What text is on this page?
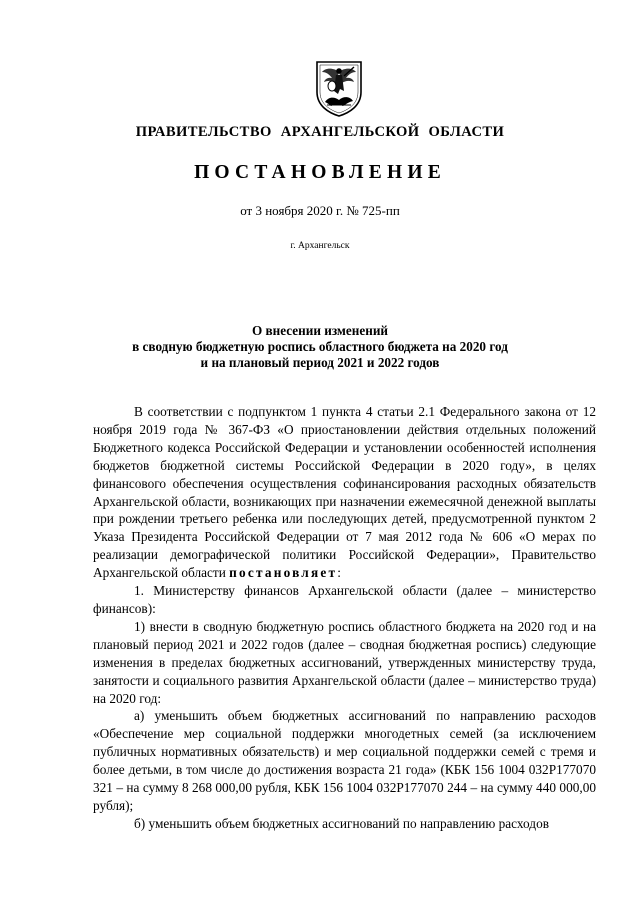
ПРАВИТЕЛЬСТВО АРХАНГЕЛЬСКОЙ ОБЛАСТИ
ПОСТАНОВЛЕНИЕ
от 3 ноября 2020 г. № 725-пп
г. Архангельск
О внесении изменений
в сводную бюджетную роспись областного бюджета на 2020 год
и на плановый период 2021 и 2022 годов

В соответствии с подпунктом 1 пункта 4 статьи 2.1 Федерального закона от 12 ноября 2019 года № 367-ФЗ «О приостановлении действия отдельных положений Бюджетного кодекса Российской Федерации и установлении особенностей исполнения бюджетов бюджетной системы Российской Федерации в 2020 году», в целях финансового обеспечения осуществления софинансирования расходных обязательств Архангельской области, возникающих при назначении ежемесячной денежной выплаты при рождении третьего ребенка или последующих детей, предусмотренной пунктом 2 Указа Президента Российской Федерации от 7 мая 2012 года № 606 «О мерах по реализации демографической политики Российской Федерации», Правительство Архангельской области постановляет:

1. Министерству финансов Архангельской области (далее – министерство финансов):

1) внести в сводную бюджетную роспись областного бюджета на 2020 год и на плановый период 2021 и 2022 годов (далее – сводная бюджетная роспись) следующие изменения в пределах бюджетных ассигнований, утвержденных министерству труда, занятости и социального развития Архангельской области (далее – министерство труда) на 2020 год:

а) уменьшить объем бюджетных ассигнований по направлению расходов «Обеспечение мер социальной поддержки многодетных семей (за исключением публичных нормативных обязательств) и мер социальной поддержки семей с тремя и более детьми, в том числе до достижения возраста 21 года» (КБК 156 1004 032Р177070 321 – на сумму 8 268 000,00 рубля, КБК 156 1004 032Р177070 244 – на сумму 440 000,00 рубля);

б) уменьшить объем бюджетных ассигнований по направлению расходов
